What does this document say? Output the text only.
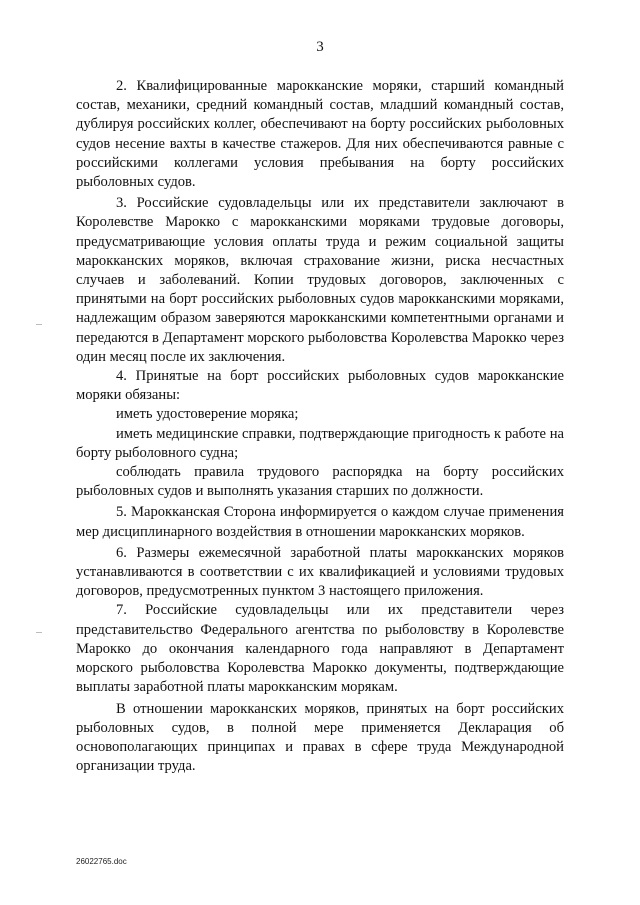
3

2. Квалифицированные марокканские моряки, старший командный состав, механики, средний командный состав, младший командный состав, дублируя российских коллег, обеспечивают на борту российских рыболовных судов несение вахты в качестве стажеров. Для них обеспечиваются равные с российскими коллегами условия пребывания на борту российских рыболовных судов.

3. Российские судовладельцы или их представители заключают в Королевстве Марокко с марокканскими моряками трудовые договоры, предусматривающие условия оплаты труда и режим социальной защиты марокканских моряков, включая страхование жизни, риска несчастных случаев и заболеваний. Копии трудовых договоров, заключенных с принятыми на борт российских рыболовных судов марокканскими моряками, надлежащим образом заверяются марокканскими компетентными органами и передаются в Департамент морского рыболовства Королевства Марокко через один месяц после их заключения.

4. Принятые на борт российских рыболовных судов марокканские моряки обязаны:

иметь удостоверение моряка;

иметь медицинские справки, подтверждающие пригодность к работе на борту рыболовного судна;

соблюдать правила трудового распорядка на борту российских рыболовных судов и выполнять указания старших по должности.

5. Марокканская Сторона информируется о каждом случае применения мер дисциплинарного воздействия в отношении марокканских моряков.

6. Размеры ежемесячной заработной платы марокканских моряков устанавливаются в соответствии с их квалификацией и условиями трудовых договоров, предусмотренных пунктом 3 настоящего приложения.

7. Российские судовладельцы или их представители через представительство Федерального агентства по рыболовству в Королевстве Марокко до окончания календарного года направляют в Департамент морского рыболовства Королевства Марокко документы, подтверждающие выплаты заработной платы марокканским морякам.

В отношении марокканских моряков, принятых на борт российских рыболовных судов, в полной мере применяется Декларация об основополагающих принципах и правах в сфере труда Международной организации труда.

26022765.doc
